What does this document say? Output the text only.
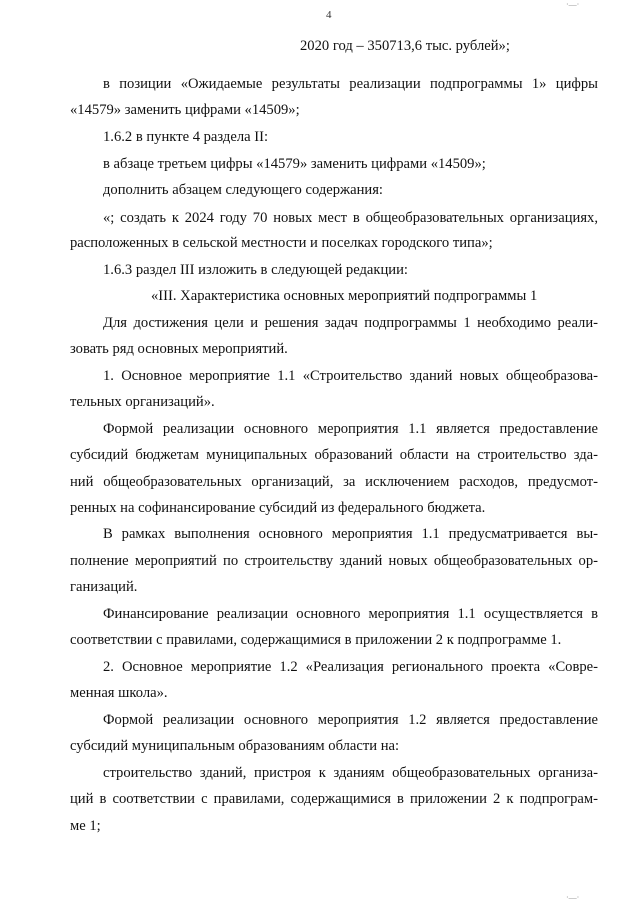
4
2020 год – 350713,6 тыс. рублей»;
в позиции «Ожидаемые результаты реализации подпрограммы 1» цифры
«14579» заменить цифрами «14509»;
1.6.2 в пункте 4 раздела II:
в абзаце третьем цифры «14579» заменить цифрами «14509»;
дополнить абзацем следующего содержания:
«; создать к 2024 году 70 новых мест в общеобразовательных организациях,
расположенных в сельской местности и поселках городского типа»;
1.6.3 раздел III изложить в следующей редакции:
«III. Характеристика основных мероприятий подпрограммы 1
Для достижения цели и решения задач подпрограммы 1 необходимо реали-
зовать ряд основных мероприятий.
1. Основное мероприятие 1.1 «Строительство зданий новых общеобразова-
тельных организаций».
Формой реализации основного мероприятия 1.1 является предоставление
субсидий бюджетам муниципальных образований области на строительство зда-
ний общеобразовательных организаций, за исключением расходов, предусмот-
ренных на софинансирование субсидий из федерального бюджета.
В рамках выполнения основного мероприятия 1.1 предусматривается вы-
полнение мероприятий по строительству зданий новых общеобразовательных ор-
ганизаций.
Финансирование реализации основного мероприятия 1.1 осуществляется в
соответствии с правилами, содержащимися в приложении 2 к подпрограмме 1.
2. Основное мероприятие 1.2 «Реализация регионального проекта «Совре-
менная школа».
Формой реализации основного мероприятия 1.2 является предоставление
субсидий муниципальным образованиям области на:
строительство зданий, пристроя к зданиям общеобразовательных организа-
ций в соответствии с правилами, содержащимися в приложении 2 к подпрограм-
ме 1;
·—·
·—·
